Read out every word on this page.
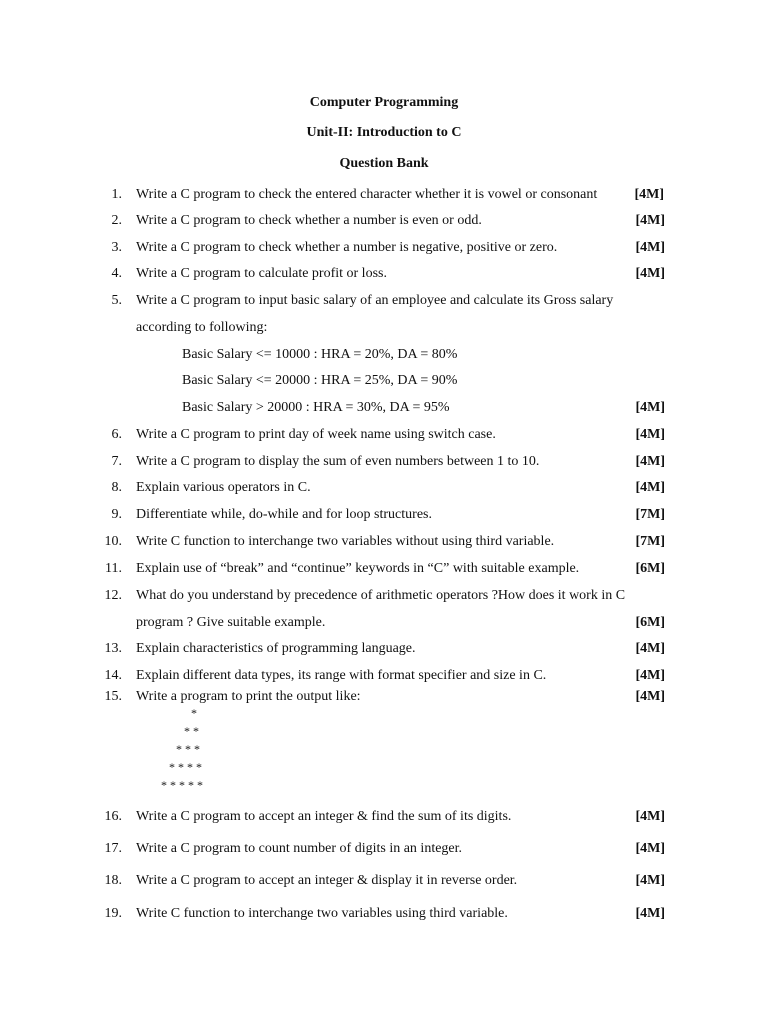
Computer Programming
Unit-II: Introduction to C
Question Bank
1. Write a C program to check the entered character whether it is vowel or consonant	[4M]
2. Write a C program to check whether a number is even or odd.	[4M]
3. Write a C program to check whether a number is negative, positive or zero.	[4M]
4. Write a C program to calculate profit or loss.	[4M]
5. Write a C program to input basic salary of an employee and calculate its Gross salary
according to following:
Basic Salary <= 10000 : HRA = 20%, DA = 80%
Basic Salary <= 20000 : HRA = 25%, DA = 90%
Basic Salary > 20000 : HRA = 30%, DA = 95%	[4M]
6. Write a C program to print day of week name using switch case.	[4M]
7. Write a C program to display the sum of even numbers between 1 to 10.	[4M]
8. Explain various operators in C.	[4M]
9. Differentiate while, do-while and for loop structures.	[7M]
10. Write C function to interchange two variables without using third variable.	[7M]
11. Explain use of “break” and “continue” keywords in “C” with suitable example.	[6M]
12. What do you understand by precedence of arithmetic operators ?How does it work in C
program ? Give suitable example.	[6M]
13. Explain characteristics of programming language.	[4M]
14. Explain different data types, its range with format specifier and size in C.	[4M]
15. Write a program to print the output like:	[4M]
*
* *
* * *
* * * *
* * * * *
16. Write a C program to accept an integer & find the sum of its digits.	[4M]
17. Write a C program to count number of digits in an integer.	[4M]
18. Write a C program to accept an integer & display it in reverse order.	[4M]
19. Write C function to interchange two variables using third variable.	[4M]
